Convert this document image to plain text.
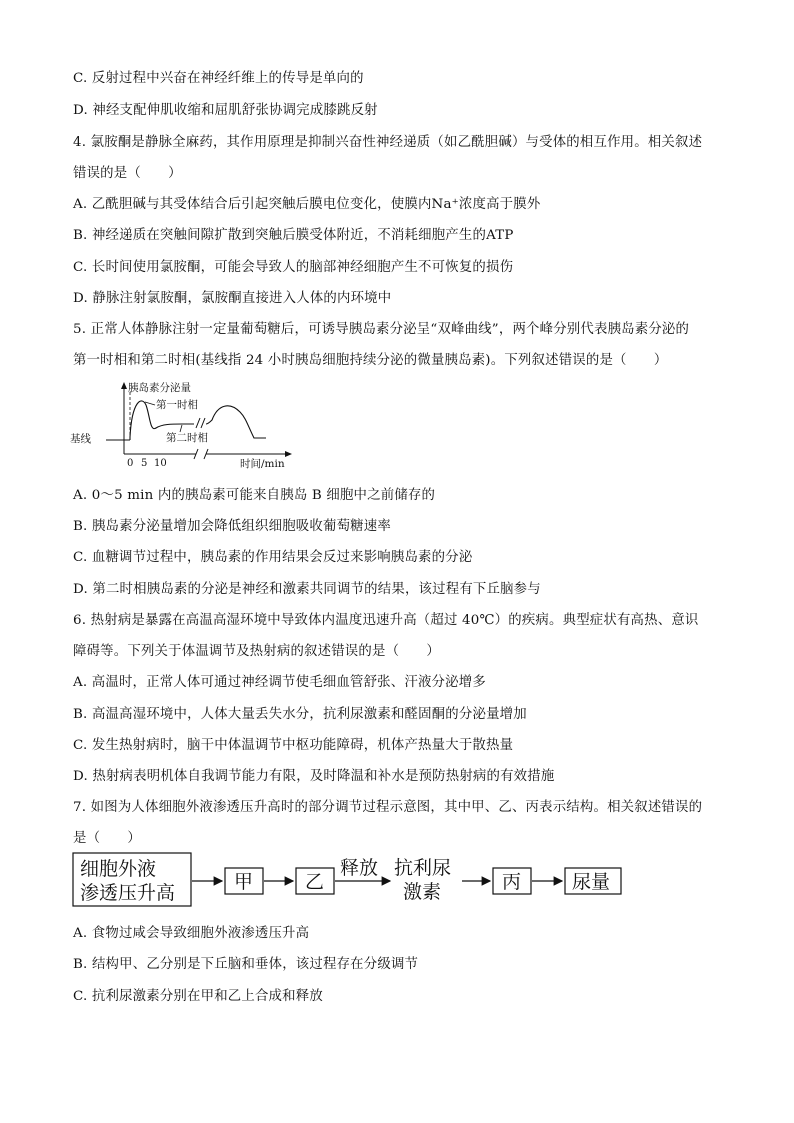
C. 反射过程中兴奋在神经纤维上的传导是单向的
D. 神经支配伸肌收缩和屈肌舒张协调完成膝跳反射
4. 氯胺酮是静脉全麻药，其作用原理是抑制兴奋性神经递质（如乙酰胆碱）与受体的相互作用。相关叙述
错误的是（　　）
A. 乙酰胆碱与其受体结合后引起突触后膜电位变化，使膜内Na⁺浓度高于膜外
B. 神经递质在突触间隙扩散到突触后膜受体附近，不消耗细胞产生的ATP
C. 长时间使用氯胺酮，可能会导致人的脑部神经细胞产生不可恢复的损伤
D. 静脉注射氯胺酮，氯胺酮直接进入人体的内环境中
5. 正常人体静脉注射一定量葡萄糖后，可诱导胰岛素分泌呈“双峰曲线”，两个峰分别代表胰岛素分泌的
第一时相和第二时相(基线指 24 小时胰岛细胞持续分泌的微量胰岛素)。下列叙述错误的是（　　）
胰岛素分泌量
基线
第一时相
第二时相
0 5 10	时间/min
A. 0～5 min 内的胰岛素可能来自胰岛 B 细胞中之前储存的
B. 胰岛素分泌量增加会降低组织细胞吸收葡萄糖速率
C. 血糖调节过程中，胰岛素的作用结果会反过来影响胰岛素的分泌
D. 第二时相胰岛素的分泌是神经和激素共同调节的结果，该过程有下丘脑参与
6. 热射病是暴露在高温高湿环境中导致体内温度迅速升高（超过 40℃）的疾病。典型症状有高热、意识
障碍等。下列关于体温调节及热射病的叙述错误的是（　　）
A. 高温时，正常人体可通过神经调节使毛细血管舒张、汗液分泌增多
B. 高温高湿环境中，人体大量丢失水分，抗利尿激素和醛固酮的分泌量增加
C. 发生热射病时，脑干中体温调节中枢功能障碍，机体产热量大于散热量
D. 热射病表明机体自我调节能力有限，及时降温和补水是预防热射病的有效措施
7. 如图为人体细胞外液渗透压升高时的部分调节过程示意图，其中甲、乙、丙表示结构。相关叙述错误的
是（　　）
细胞外液
渗透压升高	甲	乙
释放 抗利尿
激素	丙	尿量
A. 食物过咸会导致细胞外液渗透压升高
B. 结构甲、乙分别是下丘脑和垂体，该过程存在分级调节
C. 抗利尿激素分别在甲和乙上合成和释放
